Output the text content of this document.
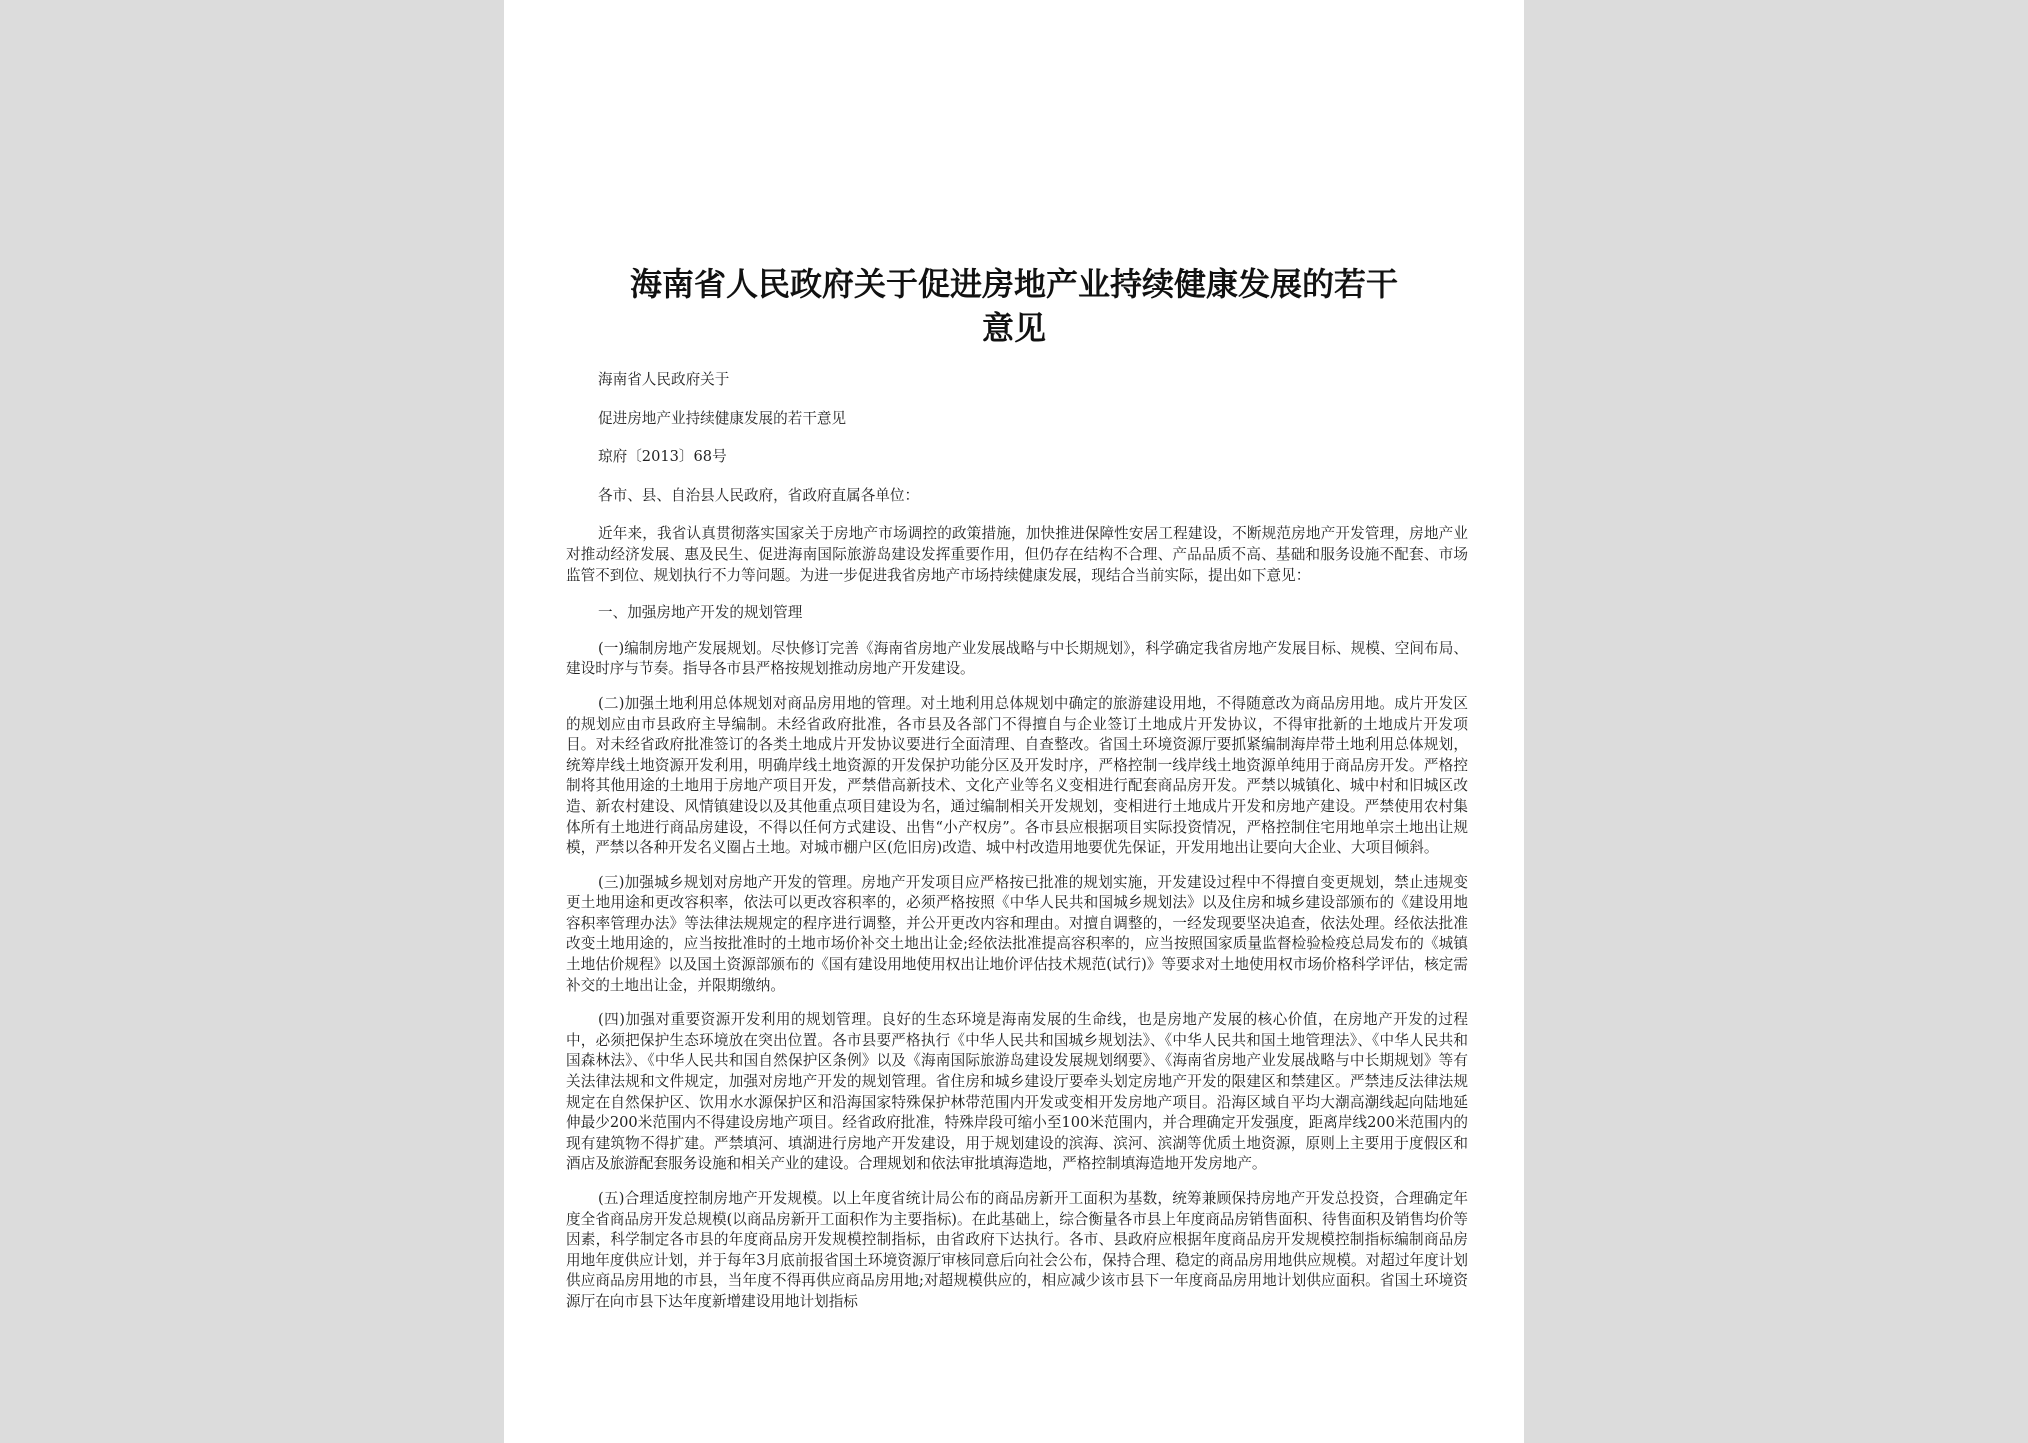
海南省人民政府关于促进房地产业持续健康发展的若干
意见

海南省人民政府关于

促进房地产业持续健康发展的若干意见

琼府〔2013〕68号

各市、县、自治县人民政府，省政府直属各单位：

近年来，我省认真贯彻落实国家关于房地产市场调控的政策措施，加快推进保障性安居工程建设，不断规范房地产开发管理，房地产业对推动经济发展、惠及民生、促进海南国际旅游岛建设发挥重要作用，但仍存在结构不合理、产品品质不高、基础和服务设施不配套、市场监管不到位、规划执行不力等问题。为进一步促进我省房地产市场持续健康发展，现结合当前实际，提出如下意见：

一、加强房地产开发的规划管理

(一)编制房地产发展规划。尽快修订完善《海南省房地产业发展战略与中长期规划》，科学确定我省房地产发展目标、规模、空间布局、建设时序与节奏。指导各市县严格按规划推动房地产开发建设。

(二)加强土地利用总体规划对商品房用地的管理。对土地利用总体规划中确定的旅游建设用地，不得随意改为商品房用地。成片开发区的规划应由市县政府主导编制。未经省政府批准，各市县及各部门不得擅自与企业签订土地成片开发协议，不得审批新的土地成片开发项目。对未经省政府批准签订的各类土地成片开发协议要进行全面清理、自查整改。省国土环境资源厅要抓紧编制海岸带土地利用总体规划，统筹岸线土地资源开发利用，明确岸线土地资源的开发保护功能分区及开发时序，严格控制一线岸线土地资源单纯用于商品房开发。严格控制将其他用途的土地用于房地产项目开发，严禁借高新技术、文化产业等名义变相进行配套商品房开发。严禁以城镇化、城中村和旧城区改造、新农村建设、风情镇建设以及其他重点项目建设为名，通过编制相关开发规划，变相进行土地成片开发和房地产建设。严禁使用农村集体所有土地进行商品房建设，不得以任何方式建设、出售“小产权房”。各市县应根据项目实际投资情况，严格控制住宅用地单宗土地出让规模，严禁以各种开发名义圈占土地。对城市棚户区(危旧房)改造、城中村改造用地要优先保证，开发用地出让要向大企业、大项目倾斜。

(三)加强城乡规划对房地产开发的管理。房地产开发项目应严格按已批准的规划实施，开发建设过程中不得擅自变更规划，禁止违规变更土地用途和更改容积率，依法可以更改容积率的，必须严格按照《中华人民共和国城乡规划法》以及住房和城乡建设部颁布的《建设用地容积率管理办法》等法律法规规定的程序进行调整，并公开更改内容和理由。对擅自调整的，一经发现要坚决追查，依法处理。经依法批准改变土地用途的，应当按批准时的土地市场价补交土地出让金;经依法批准提高容积率的，应当按照国家质量监督检验检疫总局发布的《城镇土地估价规程》以及国土资源部颁布的《国有建设用地使用权出让地价评估技术规范(试行)》等要求对土地使用权市场价格科学评估，核定需补交的土地出让金，并限期缴纳。

(四)加强对重要资源开发利用的规划管理。良好的生态环境是海南发展的生命线，也是房地产发展的核心价值，在房地产开发的过程中，必须把保护生态环境放在突出位置。各市县要严格执行《中华人民共和国城乡规划法》、《中华人民共和国土地管理法》、《中华人民共和国森林法》、《中华人民共和国自然保护区条例》以及《海南国际旅游岛建设发展规划纲要》、《海南省房地产业发展战略与中长期规划》等有关法律法规和文件规定，加强对房地产开发的规划管理。省住房和城乡建设厅要牵头划定房地产开发的限建区和禁建区。严禁违反法律法规规定在自然保护区、饮用水水源保护区和沿海国家特殊保护林带范围内开发或变相开发房地产项目。沿海区域自平均大潮高潮线起向陆地延伸最少200米范围内不得建设房地产项目。经省政府批准，特殊岸段可缩小至100米范围内，并合理确定开发强度，距离岸线200米范围内的现有建筑物不得扩建。严禁填河、填湖进行房地产开发建设，用于规划建设的滨海、滨河、滨湖等优质土地资源，原则上主要用于度假区和酒店及旅游配套服务设施和相关产业的建设。合理规划和依法审批填海造地，严格控制填海造地开发房地产。

(五)合理适度控制房地产开发规模。以上年度省统计局公布的商品房新开工面积为基数，统筹兼顾保持房地产开发总投资，合理确定年度全省商品房开发总规模(以商品房新开工面积作为主要指标)。在此基础上，综合衡量各市县上年度商品房销售面积、待售面积及销售均价等因素，科学制定各市县的年度商品房开发规模控制指标，由省政府下达执行。各市、县政府应根据年度商品房开发规模控制指标编制商品房用地年度供应计划，并于每年3月底前报省国土环境资源厅审核同意后向社会公布，保持合理、稳定的商品房用地供应规模。对超过年度计划供应商品房用地的市县，当年度不得再供应商品房用地;对超规模供应的，相应减少该市县下一年度商品房用地计划供应面积。省国土环境资源厅在向市县下达年度新增建设用地计划指标
